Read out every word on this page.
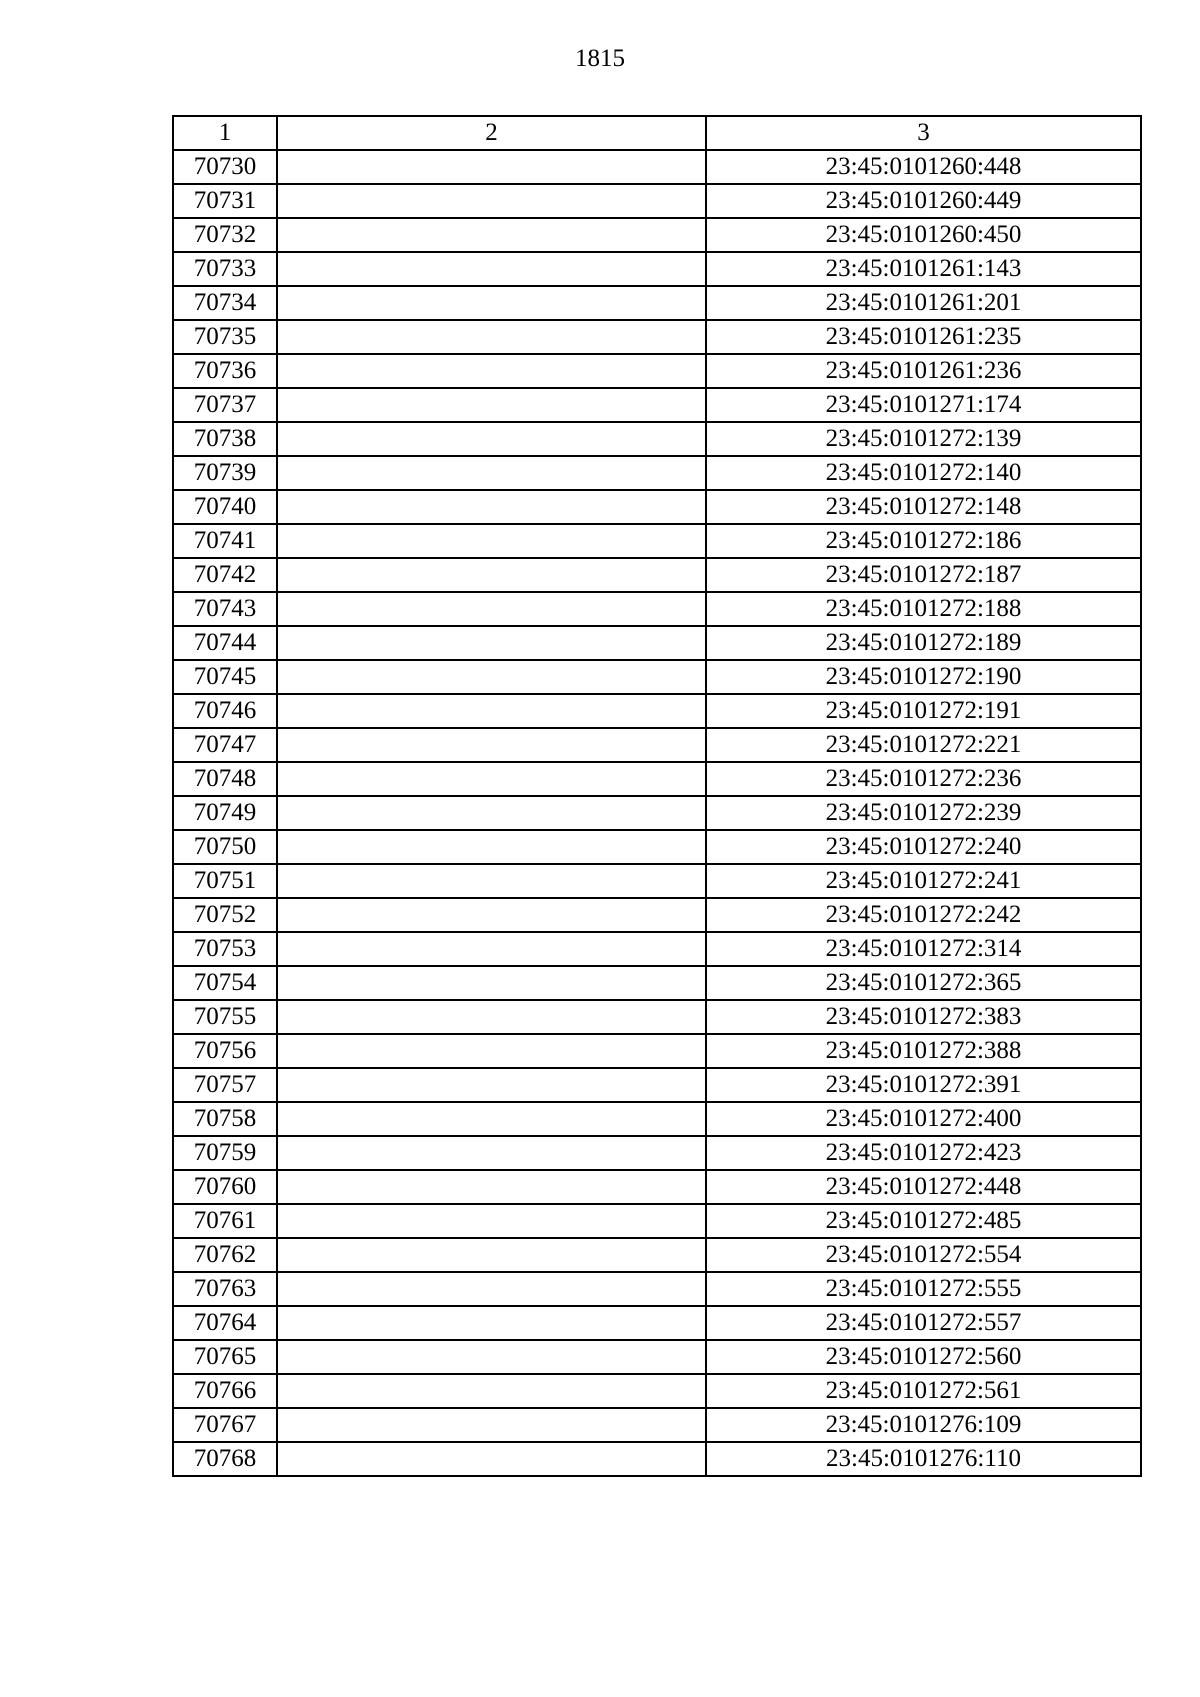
1815
1	2	3
70730		23:45:0101260:448
70731		23:45:0101260:449
70732		23:45:0101260:450
70733		23:45:0101261:143
70734		23:45:0101261:201
70735		23:45:0101261:235
70736		23:45:0101261:236
70737		23:45:0101271:174
70738		23:45:0101272:139
70739		23:45:0101272:140
70740		23:45:0101272:148
70741		23:45:0101272:186
70742		23:45:0101272:187
70743		23:45:0101272:188
70744		23:45:0101272:189
70745		23:45:0101272:190
70746		23:45:0101272:191
70747		23:45:0101272:221
70748		23:45:0101272:236
70749		23:45:0101272:239
70750		23:45:0101272:240
70751		23:45:0101272:241
70752		23:45:0101272:242
70753		23:45:0101272:314
70754		23:45:0101272:365
70755		23:45:0101272:383
70756		23:45:0101272:388
70757		23:45:0101272:391
70758		23:45:0101272:400
70759		23:45:0101272:423
70760		23:45:0101272:448
70761		23:45:0101272:485
70762		23:45:0101272:554
70763		23:45:0101272:555
70764		23:45:0101272:557
70765		23:45:0101272:560
70766		23:45:0101272:561
70767		23:45:0101276:109
70768		23:45:0101276:110
